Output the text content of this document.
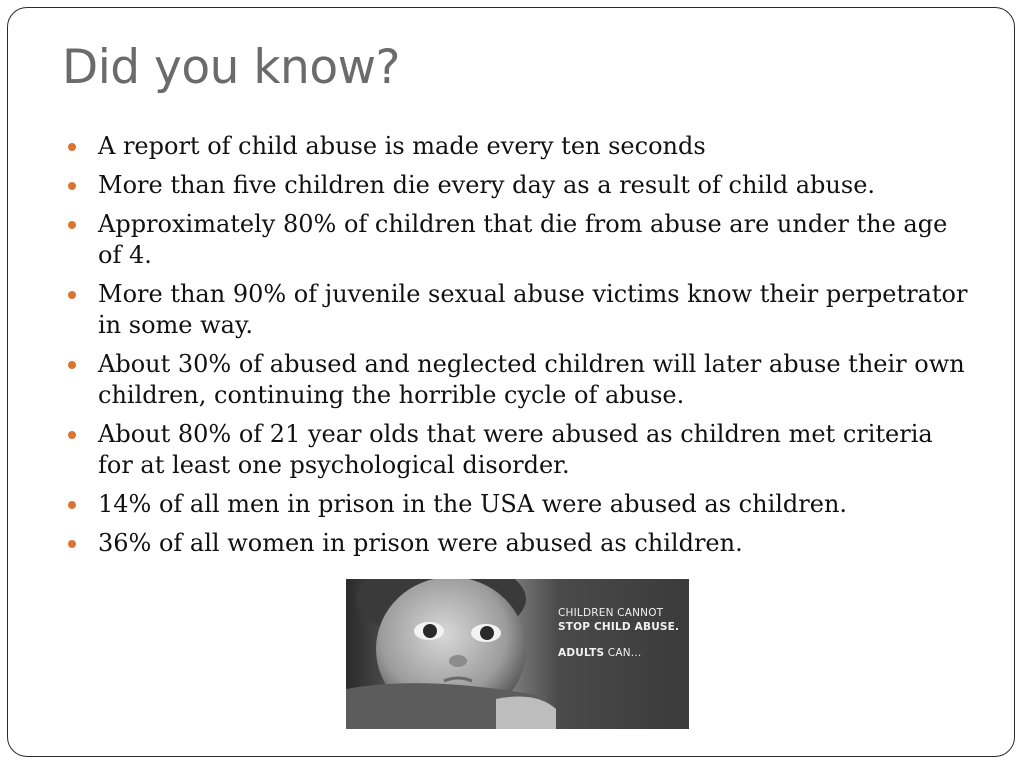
Did you know?
A report of child abuse is made every ten seconds
More than five children die every day as a result of child abuse.
Approximately 80% of children that die from abuse are under the age of 4.
More than 90% of juvenile sexual abuse victims know their perpetrator in some way.
About 30% of abused and neglected children will later abuse their own children, continuing the horrible cycle of abuse.
About 80% of 21 year olds that were abused as children met criteria for at least one psychological disorder.
14% of all men in prison in the USA were abused as children.
36% of all women in prison were abused as children.
CHILDREN CANNOT
STOP CHILD ABUSE.
ADULTS CAN...
